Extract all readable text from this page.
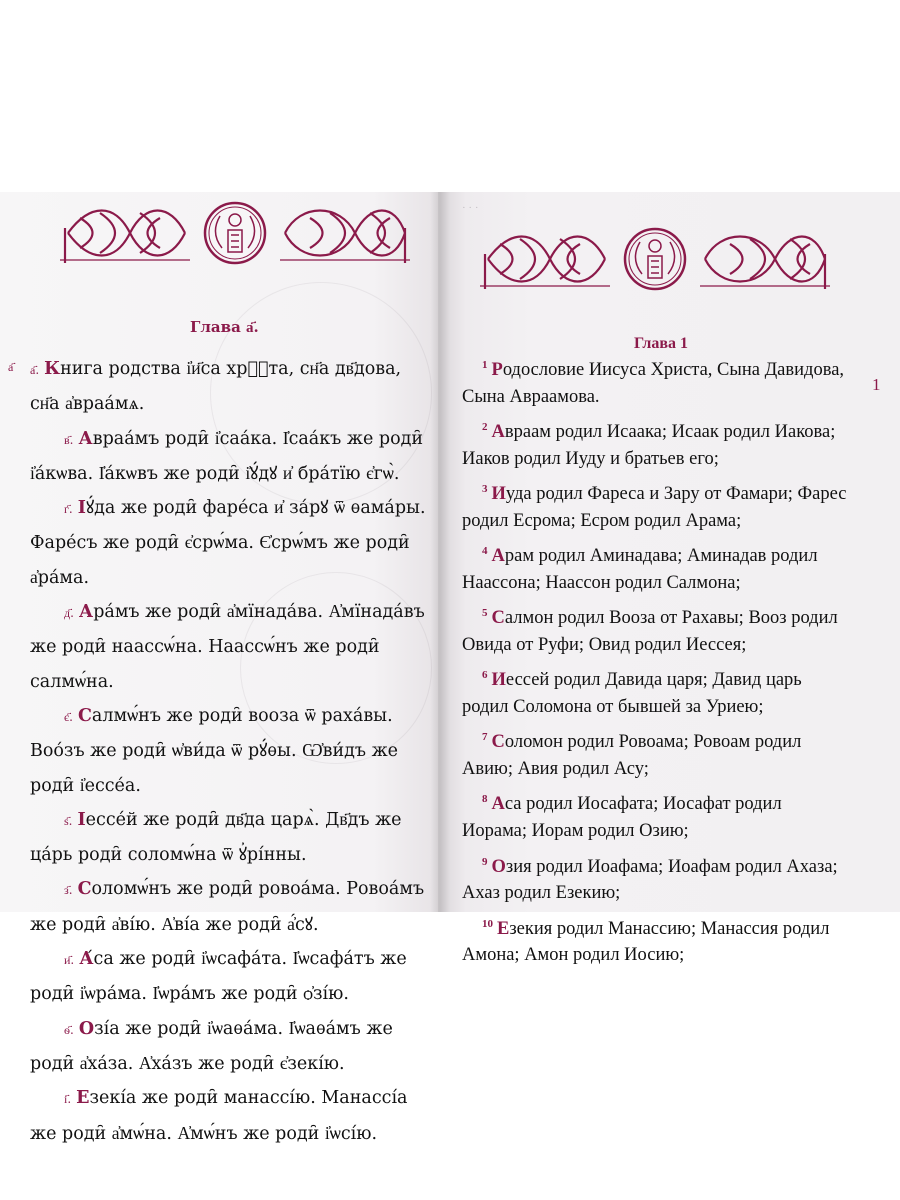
Глава а҃.
а҃ а҃. Книга родства і҆и҃са хрⷭ҇та, сн҃а дв҃дова, сн҃а а҆враа́мѧ.

в҃. Авраа́мъ роди̑ і҆саа́ка. І҆саа́къ же роди̑ і҆а́кѡва. І҆а́кѡвъ же роди̑ і҆ꙋ́дꙋ и҆ бра́тїю є҆гѡ̀.

г҃. Іꙋ́да же роди̑ фаре́са и҆ за́рꙋ ѿ ѳама́ры. Фаре́съ же роди̑ є҆срѡ́ма. Є҆срѡ́мъ же роди̑ а҆ра́ма.

д҃. Ара́мъ же роди̑ а҆мїнада́ва. А҆мїнада́въ же роди̑ наассѡ́на. Наассѡ́нъ же роди̑ салмѡ́на.

є҃. Салмѡ́нъ же роди̑ вооза ѿ раха́вы. Воо́зъ же роди̑ ѡ҆ви́да ѿ рꙋ́ѳы. Ѡ҆ви́дъ же роди̑ і҆ессе́а.

ѕ҃. Іессе́й же роди̑ дв҃да царѧ̀. Дв҃дъ же ца́рь роди̑ соломѡ́на ѿ ꙋ҆рі́нны.

з҃. Соломѡ́нъ же роди̑ ровоа́ма. Ровоа́мъ же роди̑ а҆ві́ю. А҆ві́а же роди̑ а҆́сꙋ.

и҃. А́са же роди̑ і҆ѡсафа́та. І҆ѡсафа́тъ же роди̑ і҆ѡра́ма. І҆ѡра́мъ же роди̑ ѻ҆зі́ю.

ѳ҃. Озі́а же роди̑ і҆ѡаѳа́ма. І҆ѡаѳа́мъ же роди̑ а҆ха́за. А҆ха́зъ же роди̑ є҆зекі́ю.

і҃. Езекі́а же роди̑ манассі́ю. Манассі́а же роди̑ а҆мѡ́на. А҆мѡ́нъ же роди̑ і҆ѡсі́ю.

· · ·
Глава 1
1

$^1$ Родословие Иисуса Христа, Сына Давидова, Сына Авраамова.

$^2$ Авраам родил Исаака; Исаак родил Иакова; Иаков родил Иуду и братьев его;

$^3$ Иуда родил Фареса и Зару от Фамари; Фарес родил Есрома; Есром родил Арама;

$^4$ Арам родил Аминадава; Аминадав родил Наассона; Наассон родил Салмона;

$^5$ Салмон родил Вооза от Рахавы; Вооз родил Овида от Руфи; Овид родил Иессея;

$^6$ Иессей родил Давида царя; Давид царь родил Соломона от бывшей за Уриею;

$^7$ Соломон родил Ровоама; Ровоам родил Авию; Авия родил Асу;

$^8$ Аса родил Иосафата; Иосафат родил Иорама; Иорам родил Озию;

$^9$ Озия родил Иоафама; Иоафам родил Ахаза; Ахаз родил Езекию;

$^{10}$ Езекия родил Манассию; Манассия родил Амона; Амон родил Иосию;
